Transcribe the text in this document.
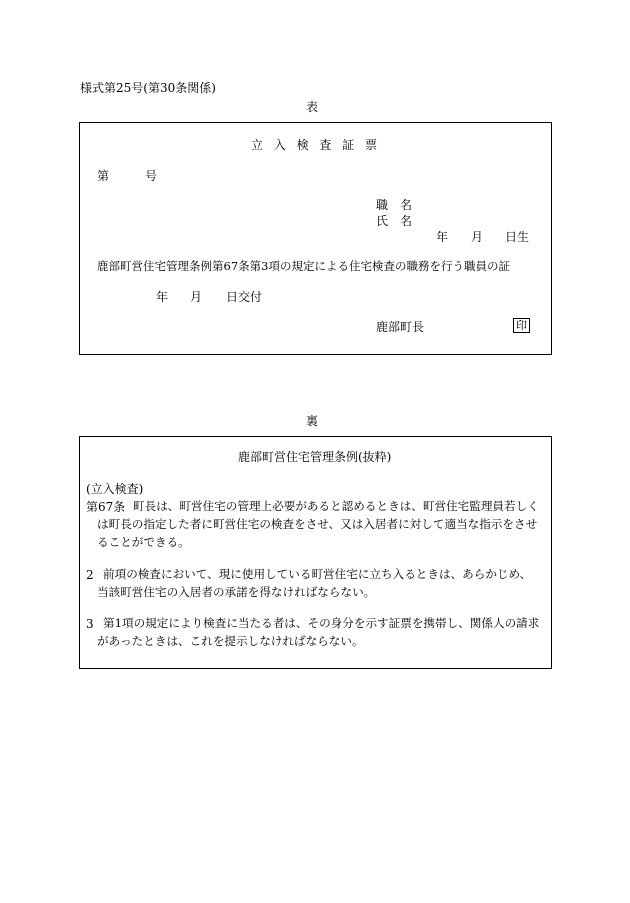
様式第25号(第30条関係)
表
立入検査証票
第	号
職　名
氏　名
年 月 日生
鹿部町営住宅管理条例第67条第3項の規定による住宅検査の職務を行う職員の証
年 月 日交付
鹿部町長	印
裏
鹿部町営住宅管理条例(抜粋)
(立入検査)
第67条 町長は、町営住宅の管理上必要があると認めるときは、町営住宅監理員若しく
は町長の指定した者に町営住宅の検査をさせ、又は入居者に対して適当な指示をさせ
ることができる。
2 前項の検査において、現に使用している町営住宅に立ち入るときは、あらかじめ、
当該町営住宅の入居者の承諾を得なければならない。
3 第1項の規定により検査に当たる者は、その身分を示す証票を携帯し、関係人の請求
があったときは、これを提示しなければならない。
